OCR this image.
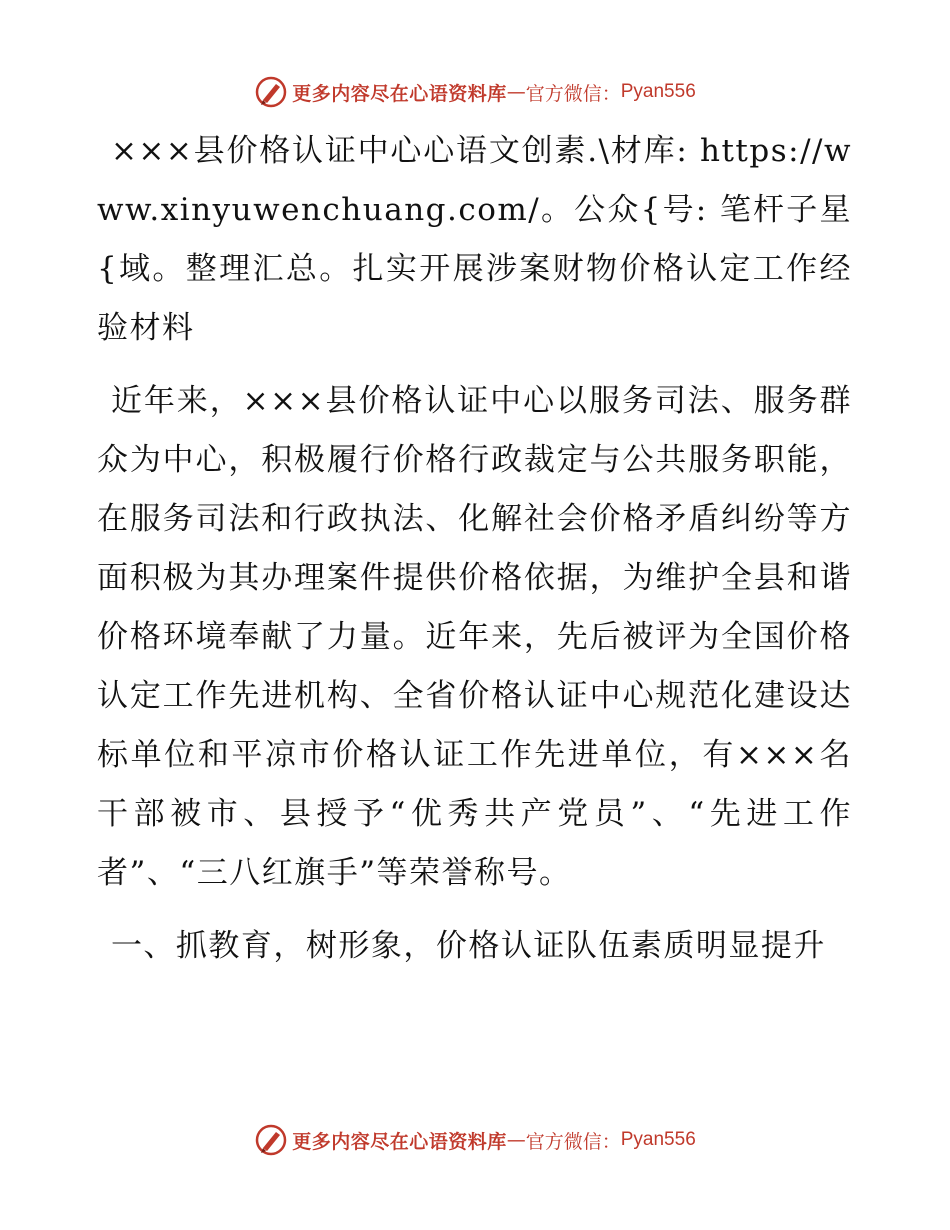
更多内容尽在心语资料库 — 官方微信： Pyan556

×××县价格认证中心心语文创素.\材库: https://www.xinyuwenchuang.com/。公众{号: 笔杆子星{域。整理汇总。扎实开展涉案财物价格认定工作经验材料

近年来，×××县价格认证中心以服务司法、服务群众为中心，积极履行价格行政裁定与公共服务职能，在服务司法和行政执法、化解社会价格矛盾纠纷等方面积极为其办理案件提供价格依据，为维护全县和谐价格环境奉献了力量。近年来，先后被评为全国价格认定工作先进机构、全省价格认证中心规范化建设达标单位和平凉市价格认证工作先进单位，有×××名干部被市、县授予“优秀共产党员”、“先进工作者”、“三八红旗手”等荣誉称号。

一、抓教育，树形象，价格认证队伍素质明显提升

更多内容尽在心语资料库 — 官方微信： Pyan556
